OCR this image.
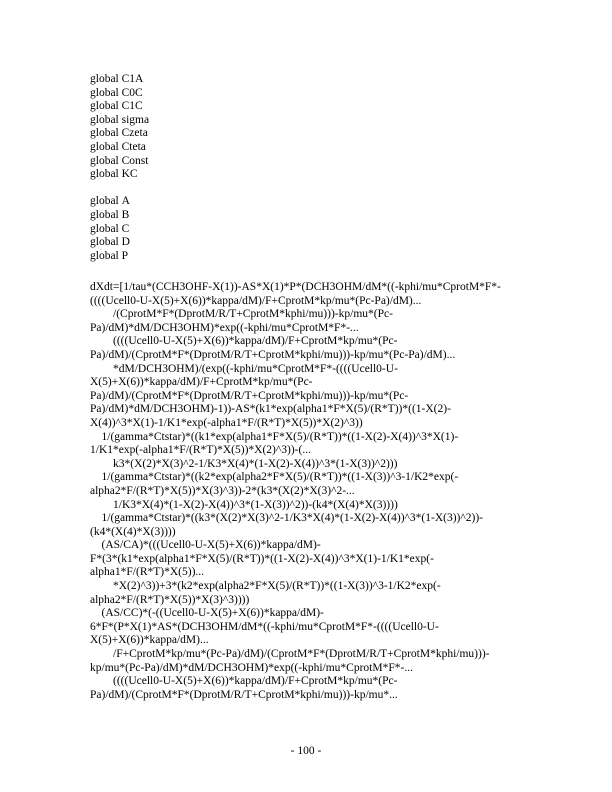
global C1A
global C0C
global C1C
global sigma
global Czeta
global Cteta
global Const
global KC
global A
global B
global C
global D
global P
dXdt=[1/tau*(CCH3OHF-X(1))-AS*X(1)*P*(DCH3OHM/dM*((-kphi/mu*CprotM*F*-
((((Ucell0-U-X(5)+X(6))*kappa/dM)/F+CprotM*kp/mu*(Pc-Pa)/dM)...
/(CprotM*F*(DprotM/R/T+CprotM*kphi/mu)))-kp/mu*(Pc-
Pa)/dM)*dM/DCH3OHM)*exp((-kphi/mu*CprotM*F*-...
((((Ucell0-U-X(5)+X(6))*kappa/dM)/F+CprotM*kp/mu*(Pc-
Pa)/dM)/(CprotM*F*(DprotM/R/T+CprotM*kphi/mu)))-kp/mu*(Pc-Pa)/dM)...
*dM/DCH3OHM)/(exp((-kphi/mu*CprotM*F*-((((Ucell0-U-
X(5)+X(6))*kappa/dM)/F+CprotM*kp/mu*(Pc-
Pa)/dM)/(CprotM*F*(DprotM/R/T+CprotM*kphi/mu)))-kp/mu*(Pc-
Pa)/dM)*dM/DCH3OHM)-1))-AS*(k1*exp(alpha1*F*X(5)/(R*T))*((1-X(2)-
X(4))^3*X(1)-1/K1*exp(-alpha1*F/(R*T)*X(5))*X(2)^3))
1/(gamma*Ctstar)*((k1*exp(alpha1*F*X(5)/(R*T))*((1-X(2)-X(4))^3*X(1)-
1/K1*exp(-alpha1*F/(R*T)*X(5))*X(2)^3))-(...
k3*(X(2)*X(3)^2-1/K3*X(4)*(1-X(2)-X(4))^3*(1-X(3))^2)))
1/(gamma*Ctstar)*((k2*exp(alpha2*F*X(5)/(R*T))*((1-X(3))^3-1/K2*exp(-
alpha2*F/(R*T)*X(5))*X(3)^3))-2*(k3*(X(2)*X(3)^2-...
1/K3*X(4)*(1-X(2)-X(4))^3*(1-X(3))^2))-(k4*(X(4)*X(3))))
1/(gamma*Ctstar)*((k3*(X(2)*X(3)^2-1/K3*X(4)*(1-X(2)-X(4))^3*(1-X(3))^2))-
(k4*(X(4)*X(3))))
(AS/CA)*(((Ucell0-U-X(5)+X(6))*kappa/dM)-
F*(3*(k1*exp(alpha1*F*X(5)/(R*T))*((1-X(2)-X(4))^3*X(1)-1/K1*exp(-
alpha1*F/(R*T)*X(5))...
*X(2)^3))+3*(k2*exp(alpha2*F*X(5)/(R*T))*((1-X(3))^3-1/K2*exp(-
alpha2*F/(R*T)*X(5))*X(3)^3))))
(AS/CC)*(-((Ucell0-U-X(5)+X(6))*kappa/dM)-
6*F*(P*X(1)*AS*(DCH3OHM/dM*((-kphi/mu*CprotM*F*-((((Ucell0-U-
X(5)+X(6))*kappa/dM)...
/F+CprotM*kp/mu*(Pc-Pa)/dM)/(CprotM*F*(DprotM/R/T+CprotM*kphi/mu)))-
kp/mu*(Pc-Pa)/dM)*dM/DCH3OHM)*exp((-kphi/mu*CprotM*F*-...
((((Ucell0-U-X(5)+X(6))*kappa/dM)/F+CprotM*kp/mu*(Pc-
Pa)/dM)/(CprotM*F*(DprotM/R/T+CprotM*kphi/mu)))-kp/mu*...
- 100 -
